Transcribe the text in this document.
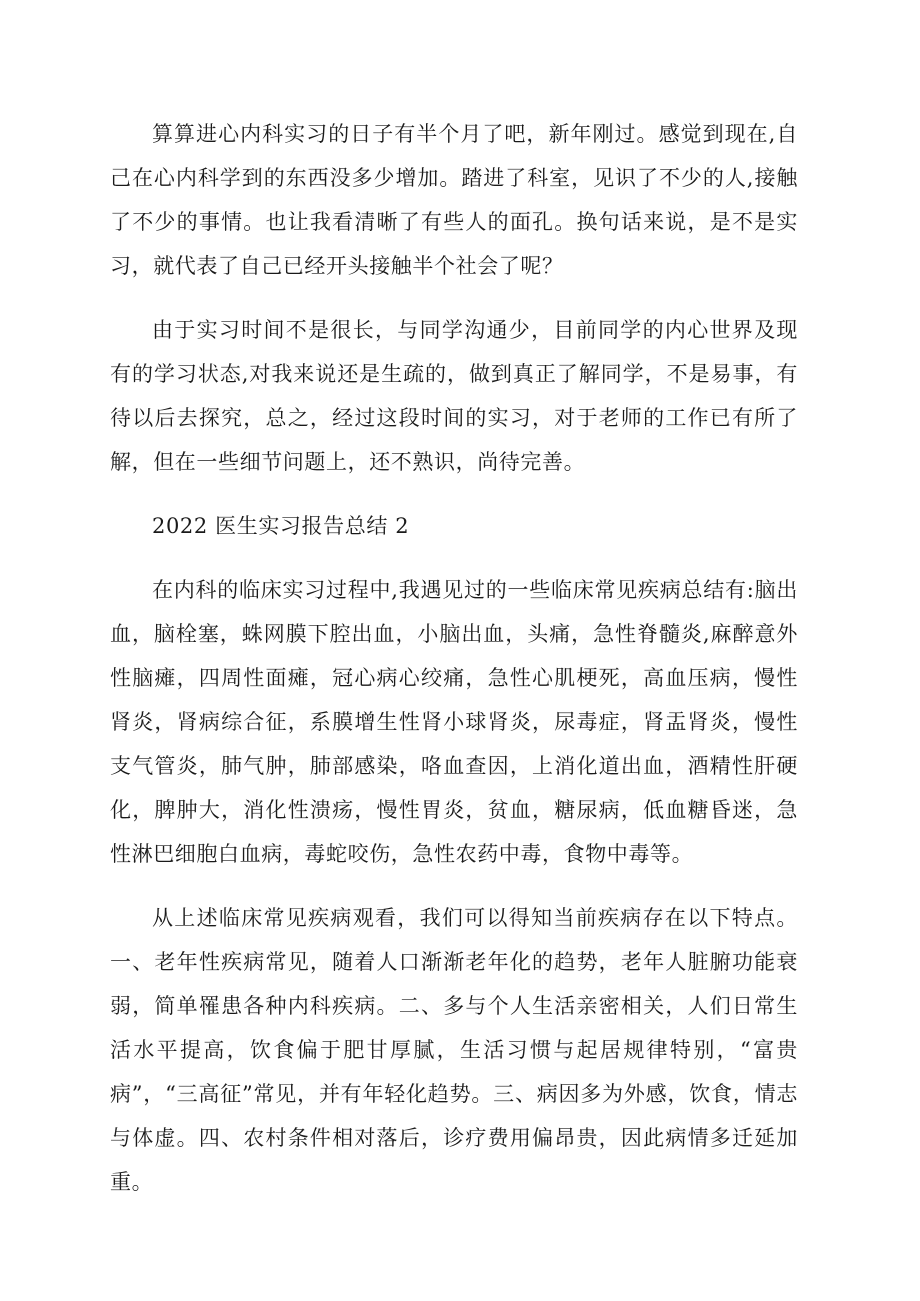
算算进心内科实习的日子有半个月了吧，新年刚过。感觉到现在,自己在心内科学到的东西没多少增加。踏进了科室，见识了不少的人,接触了不少的事情。也让我看清晰了有些人的面孔。换句话来说，是不是实习，就代表了自己已经开头接触半个社会了呢？

由于实习时间不是很长，与同学沟通少，目前同学的内心世界及现有的学习状态,对我来说还是生疏的，做到真正了解同学，不是易事，有待以后去探究，总之，经过这段时间的实习，对于老师的工作已有所了解，但在一些细节问题上，还不熟识，尚待完善。

2022 医生实习报告总结 2

在内科的临床实习过程中,我遇见过的一些临床常见疾病总结有:脑出血，脑栓塞，蛛网膜下腔出血，小脑出血，头痛，急性脊髓炎,麻醉意外性脑瘫，四周性面瘫，冠心病心绞痛，急性心肌梗死，高血压病，慢性肾炎，肾病综合征，系膜增生性肾小球肾炎，尿毒症，肾盂肾炎，慢性支气管炎，肺气肿，肺部感染，咯血查因，上消化道出血，酒精性肝硬化，脾肿大，消化性溃疡，慢性胃炎，贫血，糖尿病，低血糖昏迷，急性淋巴细胞白血病，毒蛇咬伤，急性农药中毒，食物中毒等。

从上述临床常见疾病观看，我们可以得知当前疾病存在以下特点。一、老年性疾病常见，随着人口渐渐老年化的趋势，老年人脏腑功能衰弱，简单罹患各种内科疾病。二、多与个人生活亲密相关，人们日常生活水平提高，饮食偏于肥甘厚腻，生活习惯与起居规律特别，“富贵病”，“三高征”常见，并有年轻化趋势。三、病因多为外感，饮食，情志与体虚。四、农村条件相对落后，诊疗费用偏昂贵，因此病情多迁延加重。
